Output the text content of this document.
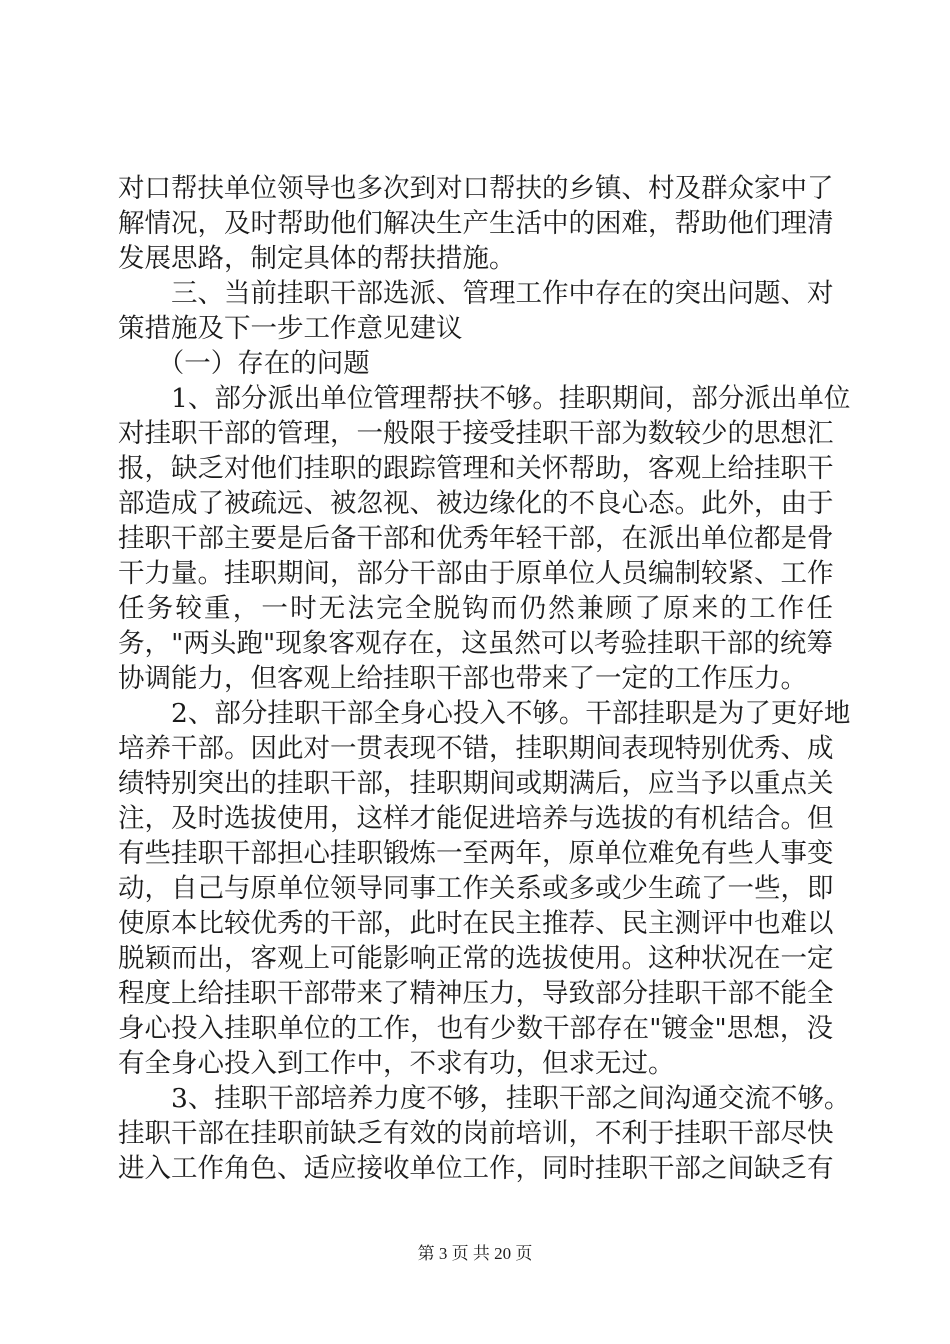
对口帮扶单位领导也多次到对口帮扶的乡镇、村及群众家中了
解情况，及时帮助他们解决生产生活中的困难，帮助他们理清
发展思路，制定具体的帮扶措施。
　　三、当前挂职干部选派、管理工作中存在的突出问题、对
策措施及下一步工作意见建议
　　（一）存在的问题
　　1、部分派出单位管理帮扶不够。挂职期间，部分派出单位
对挂职干部的管理，一般限于接受挂职干部为数较少的思想汇
报，缺乏对他们挂职的跟踪管理和关怀帮助，客观上给挂职干
部造成了被疏远、被忽视、被边缘化的不良心态。此外，由于
挂职干部主要是后备干部和优秀年轻干部，在派出单位都是骨
干力量。挂职期间，部分干部由于原单位人员编制较紧、工作
任务较重，一时无法完全脱钩而仍然兼顾了原来的工作任
务，"两头跑"现象客观存在，这虽然可以考验挂职干部的统筹
协调能力，但客观上给挂职干部也带来了一定的工作压力。
　　2、部分挂职干部全身心投入不够。干部挂职是为了更好地
培养干部。因此对一贯表现不错，挂职期间表现特别优秀、成
绩特别突出的挂职干部，挂职期间或期满后，应当予以重点关
注，及时选拔使用，这样才能促进培养与选拔的有机结合。但
有些挂职干部担心挂职锻炼一至两年，原单位难免有些人事变
动，自己与原单位领导同事工作关系或多或少生疏了一些，即
使原本比较优秀的干部，此时在民主推荐、民主测评中也难以
脱颖而出，客观上可能影响正常的选拔使用。这种状况在一定
程度上给挂职干部带来了精神压力，导致部分挂职干部不能全
身心投入挂职单位的工作，也有少数干部存在"镀金"思想，没
有全身心投入到工作中，不求有功，但求无过。
　　3、挂职干部培养力度不够，挂职干部之间沟通交流不够。
挂职干部在挂职前缺乏有效的岗前培训，不利于挂职干部尽快
进入工作角色、适应接收单位工作，同时挂职干部之间缺乏有
第 3 页 共 20 页
